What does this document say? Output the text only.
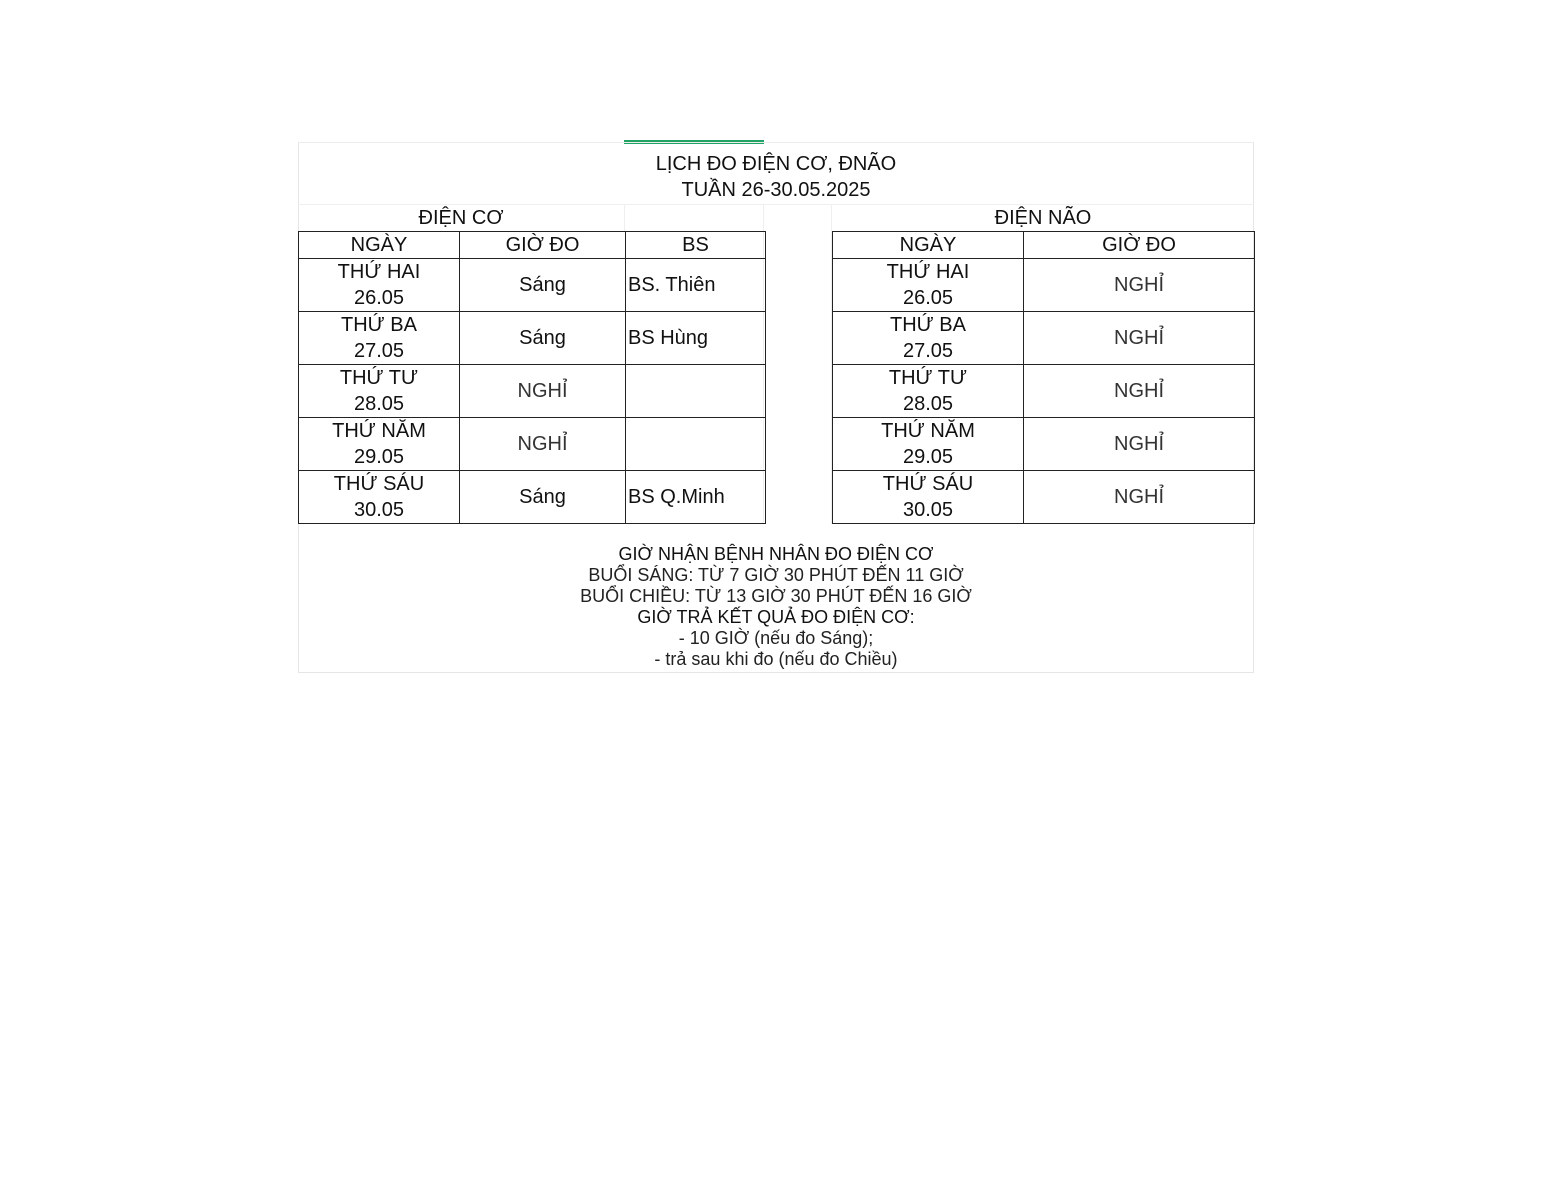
LỊCH ĐO ĐIỆN CƠ, ĐNÃO
TUẦN 26-30.05.2025
ĐIỆN CƠ	ĐIỆN NÃO
NGÀY	GIỜ ĐO	BS

THỨ HAI
26.05	Sáng	BS. Thiên

THỨ BA
27.05	Sáng	BS Hùng

THỨ TƯ
28.05	NGHỈ	

THỨ NĂM
29.05	NGHỈ	

THỨ SÁU
30.05	Sáng	BS Q.Minh
NGÀY	GIỜ ĐO

THỨ HAI
26.05	NGHỈ

THỨ BA
27.05	NGHỈ

THỨ TƯ
28.05	NGHỈ

THỨ NĂM
29.05	NGHỈ

THỨ SÁU
30.05	NGHỈ
GIỜ NHẬN BỆNH NHÂN ĐO ĐIỆN CƠ
BUỔI SÁNG: TỪ 7 GIỜ 30 PHÚT ĐẾN 11 GIỜ
BUỔI CHIỀU: TỪ 13 GIỜ 30 PHÚT ĐẾN 16 GIỜ
GIỜ TRẢ KẾT QUẢ ĐO ĐIỆN CƠ:
- 10 GIỜ (nếu đo Sáng);
- trả sau khi đo (nếu đo Chiều)
